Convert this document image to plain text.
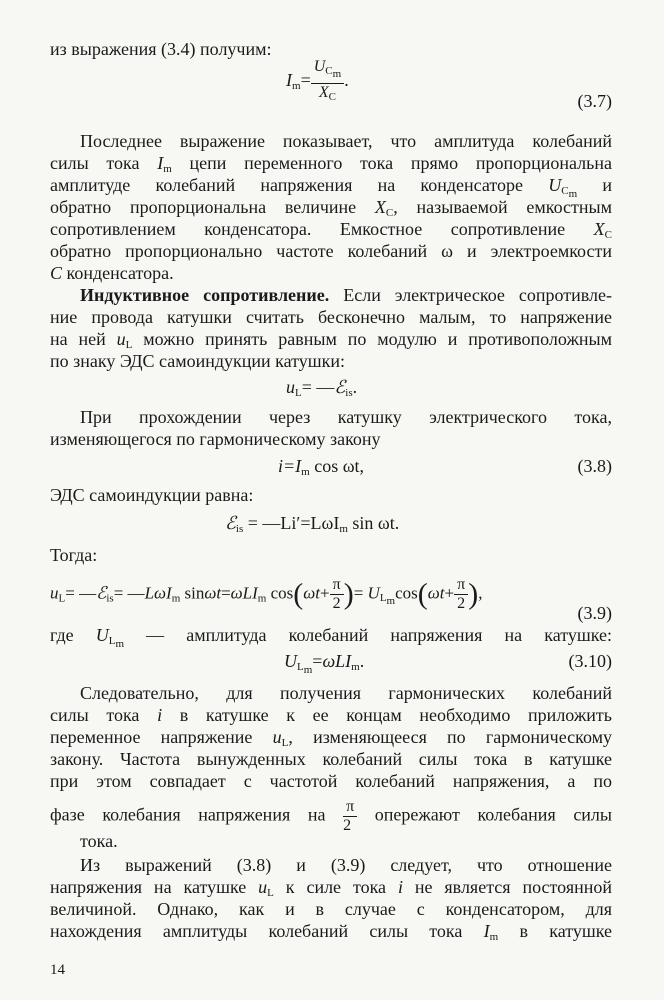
из выражения (3.4) получим:
$I_m= \frac{U_{C_m}}{X_C}$ .
(3.7)
Последнее выражение показывает, что амплитуда колебаний
силы тока $I_m$ цепи переменного тока прямо пропорциональна
амплитуде колебаний напряжения на конденсаторе $U_{C_m}$ и
обратно пропорциональна величине $X_C$, называемой емкостным
сопротивлением конденсатора. Емкостное сопротивление $X_C$
обратно пропорционально частоте колебаний ω и электроемкости
C конденсатора.
Индуктивное сопротивление. Если электрическое сопротивле-
ние провода катушки считать бесконечно малым, то напряжение
на ней $u_L$ можно принять равным по модулю и противоположным
по знаку ЭДС самоиндукции катушки:
$u_L=$ —ℰ$_{is}$.
При прохождении через катушку электрического тока,
изменяющегося по гармоническому закону
$i=I_m$ cos ωt,	(3.8)
ЭДС самоиндукции равна:
ℰ$_{is}$ = —Li′=LωI$_m$ sin ωt.
Тогда:
$u_L=$ —ℰ$_{is}$= —LωI$_m$ sinωt=ωLI$_m$ $\cos(\omega t+ \frac{\pi}{2}$ )= $U_{L_m}\cos(\omega t+ \frac{\pi}{2}$ ),
(3.9)
где $U_{L_m}$ — амплитуда колебаний напряжения на катушке:
$U_{L_m}=\omega LI_m$.	(3.10)
Следовательно, для получения гармонических колебаний
силы тока i в катушке к ее концам необходимо приложить
переменное напряжение $u_L$, изменяющееся по гармоническому
закону. Частота вынужденных колебаний силы тока в катушке
при этом совпадает с частотой колебаний напряжения, а по
фазе колебания напряжения на $\frac{\pi}{2}$ опережают колебания силы
тока.
Из выражений (3.8) и (3.9) следует, что отношение
напряжения на катушке $u_L$ к силе тока i не является постоянной
величиной. Однако, как и в случае с конденсатором, для
нахождения амплитуды колебаний силы тока $I_m$ в катушке
14
